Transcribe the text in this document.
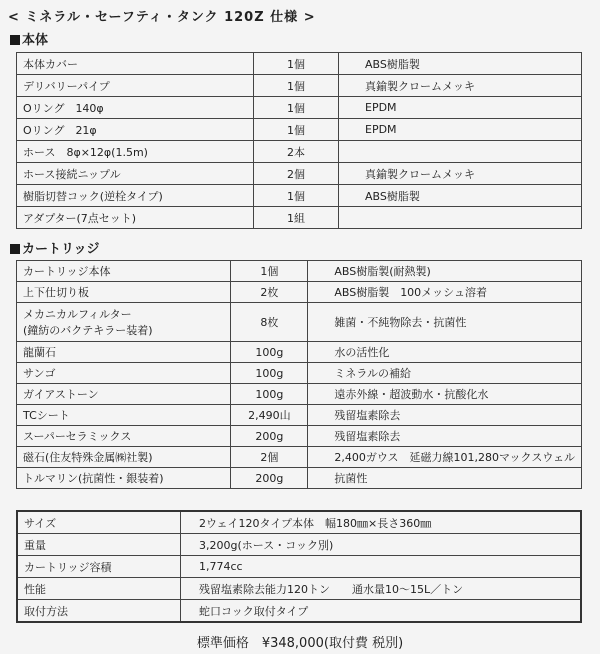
< ミネラル・セーフティ・タンク 120Z 仕様 >
本体
本体カバー	1個	ABS樹脂製
デリバリーパイプ	1個	真鍮製クロームメッキ
Oリング　140φ	1個	EPDM
Oリング　21φ	1個	EPDM
ホース　8φ×12φ(1.5m)	2本	
ホース接続ニップル	2個	真鍮製クロームメッキ
樹脂切替コック(逆栓タイプ)	1個	ABS樹脂製
アダプター(7点セット)	1組	
カートリッジ
カートリッジ本体	1個	ABS樹脂製(耐熱製)
上下仕切り板	2枚	ABS樹脂製　100メッシュ溶着

メカニカルフィルター
(鐘紡のバクテキラー装着)	8枚	雑菌・不純物除去・抗菌性
龍蘭石	100g	水の活性化
サンゴ	100g	ミネラルの補給
ガイアストーン	100g	遠赤外線・超波動水・抗酸化水
TCシート	2,490山	残留塩素除去
スーパーセラミックス	200g	残留塩素除去
磁石(住友特殊金属㈱社製)	2個	2,400ガウス　延磁力線101,280マックスウェル
トルマリン(抗菌性・銀装着)	200g	抗菌性
サイズ	2ウェイ120タイプ本体　幅180㎜×長さ360㎜
重量	3,200g(ホース・コック別)
カートリッジ容積	1,774cc
性能	残留塩素除去能力120トン　　通水量10〜15L／トン
取付方法	蛇口コック取付タイプ
標準価格　¥348,000(取付費 税別)
